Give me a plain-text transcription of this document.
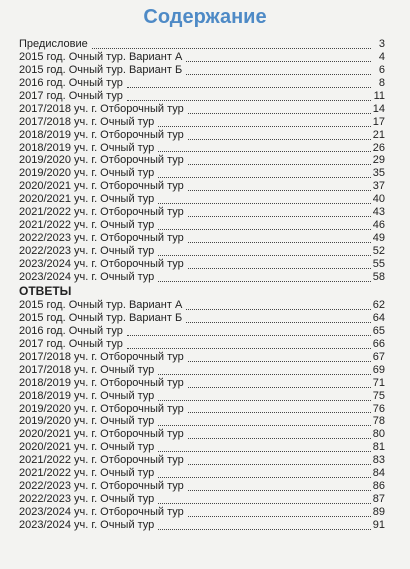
Содержание
Предисловие	3
2015 год. Очный тур. Вариант А	4
2015 год. Очный тур. Вариант Б	6
2016 год. Очный тур	8
2017 год. Очный тур	11
2017/2018 уч. г. Отборочный тур	14
2017/2018 уч. г. Очный тур	17
2018/2019 уч. г. Отборочный тур	21
2018/2019 уч. г. Очный тур	26
2019/2020 уч. г. Отборочный тур	29
2019/2020 уч. г. Очный тур	35
2020/2021 уч. г. Отборочный тур	37
2020/2021 уч. г. Очный тур	40
2021/2022 уч. г. Отборочный тур	43
2021/2022 уч. г. Очный тур	46
2022/2023 уч. г. Отборочный тур	49
2022/2023 уч. г. Очный тур	52
2023/2024 уч. г. Отборочный тур	55
2023/2024 уч. г. Очный тур	58
ОТВЕТЫ
2015 год. Очный тур. Вариант А	62
2015 год. Очный тур. Вариант Б	64
2016 год. Очный тур	65
2017 год. Очный тур	66
2017/2018 уч. г. Отборочный тур	67
2017/2018 уч. г. Очный тур	69
2018/2019 уч. г. Отборочный тур	71
2018/2019 уч. г. Очный тур	75
2019/2020 уч. г. Отборочный тур	76
2019/2020 уч. г. Очный тур	78
2020/2021 уч. г. Отборочный тур	80
2020/2021 уч. г. Очный тур	81
2021/2022 уч. г. Отборочный тур	83
2021/2022 уч. г. Очный тур	84
2022/2023 уч. г. Отборочный тур	86
2022/2023 уч. г. Очный тур	87
2023/2024 уч. г. Отборочный тур	89
2023/2024 уч. г. Очный тур	91
